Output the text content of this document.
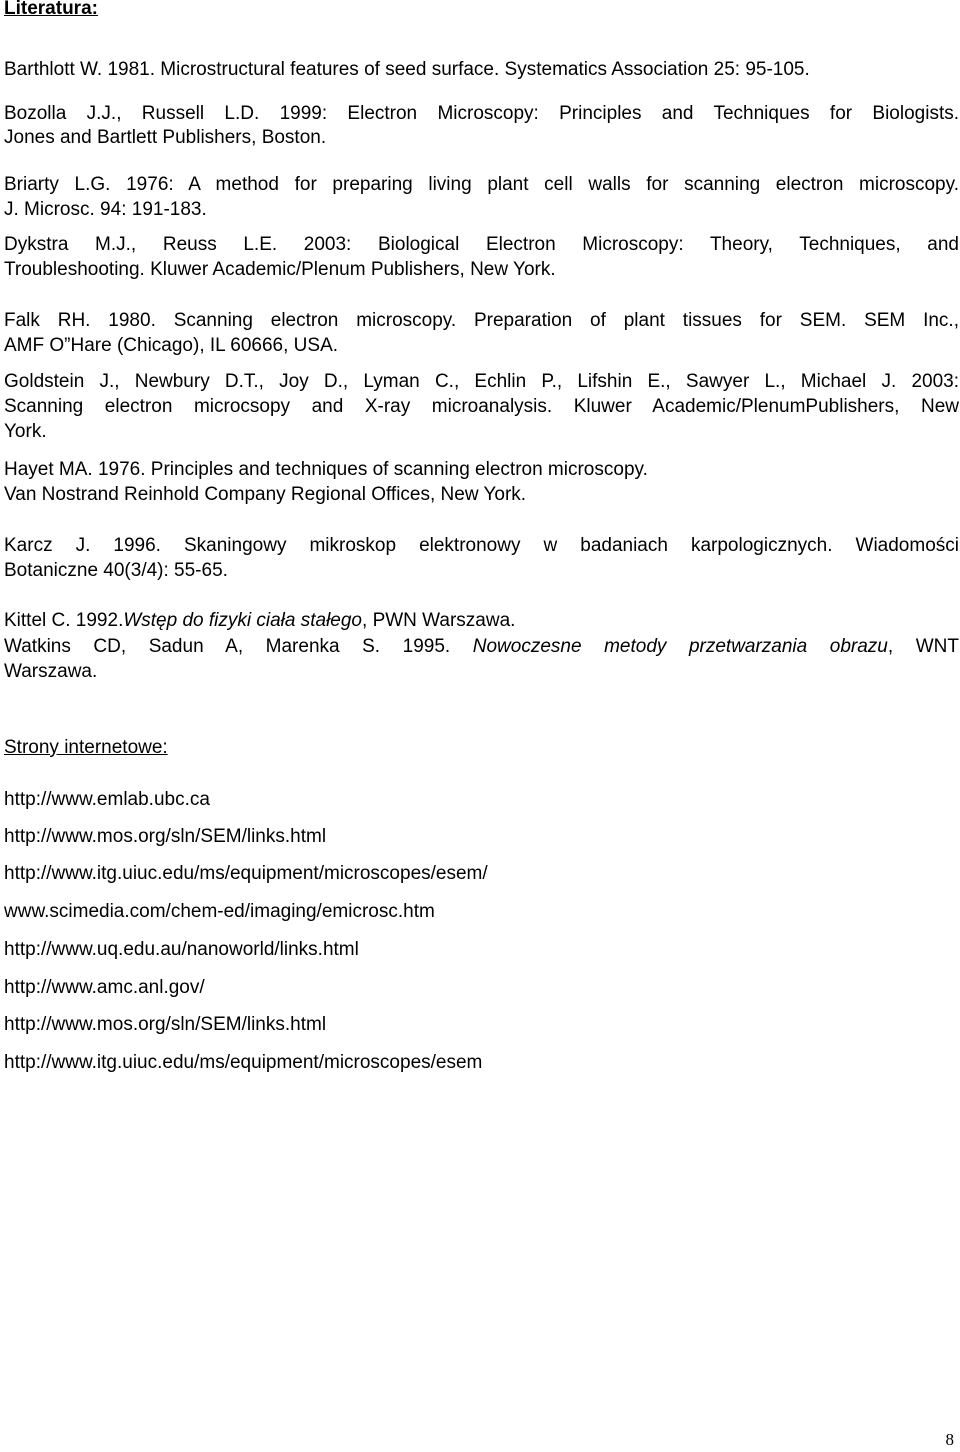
Literatura:
Barthlott W. 1981. Microstructural features of seed surface. Systematics Association 25: 95-105.
Bozolla J.J., Russell L.D. 1999: Electron Microscopy: Principles and Techniques for Biologists.
Jones and Bartlett Publishers, Boston.
Briarty L.G. 1976: A method for preparing living plant cell walls for scanning electron microscopy.
J. Microsc. 94: 191-183.
Dykstra M.J., Reuss L.E. 2003: Biological Electron Microscopy: Theory, Techniques, and
Troubleshooting. Kluwer Academic/Plenum Publishers, New York.
Falk RH. 1980. Scanning electron microscopy. Preparation of plant tissues for SEM. SEM Inc.,
AMF O”Hare (Chicago), IL 60666, USA.
Goldstein J., Newbury D.T., Joy D., Lyman C., Echlin P., Lifshin E., Sawyer L., Michael J. 2003:
Scanning electron microcsopy and X-ray microanalysis. Kluwer Academic/PlenumPublishers, New
York.
Hayet MA. 1976. Principles and techniques of scanning electron microscopy.
Van Nostrand Reinhold Company Regional Offices, New York.
Karcz J. 1996. Skaningowy mikroskop elektronowy w badaniach karpologicznych. Wiadomości
Botaniczne 40(3/4): 55-65.
Kittel C. 1992.Wstęp do fizyki ciała stałego, PWN Warszawa.
Watkins CD, Sadun A, Marenka S. 1995. Nowoczesne metody przetwarzania obrazu, WNT
Warszawa.
Strony internetowe:
http://www.emlab.ubc.ca
http://www.mos.org/sln/SEM/links.html
http://www.itg.uiuc.edu/ms/equipment/microscopes/esem/
www.scimedia.com/chem-ed/imaging/emicrosc.htm
http://www.uq.edu.au/nanoworld/links.html
http://www.amc.anl.gov/
http://www.mos.org/sln/SEM/links.html
http://www.itg.uiuc.edu/ms/equipment/microscopes/esem
8
